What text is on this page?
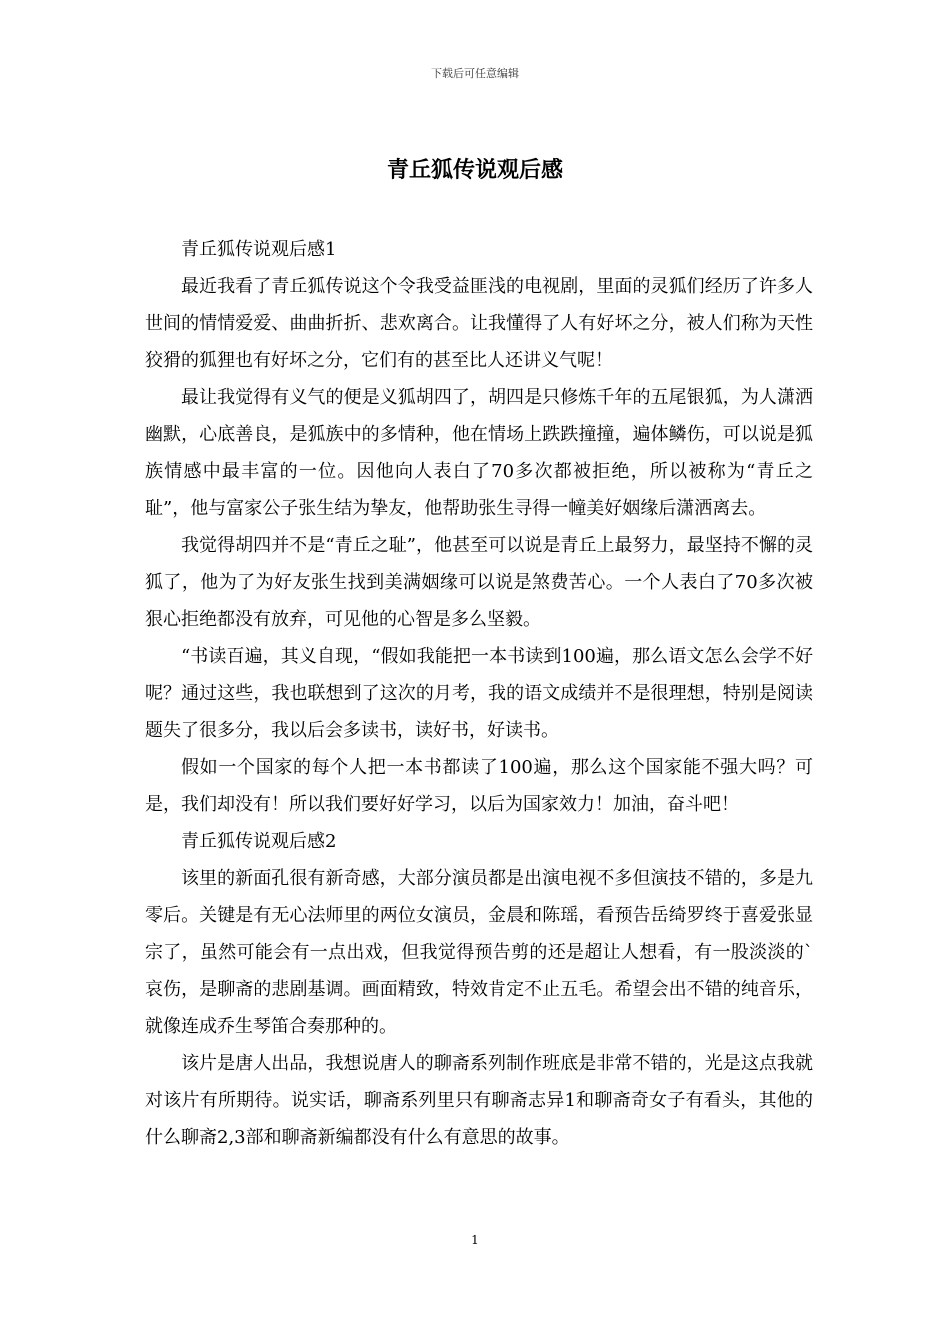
下载后可任意编辑
青丘狐传说观后感

青丘狐传说观后感1

最近我看了青丘狐传说这个令我受益匪浅的电视剧，里面的灵狐们经历了许多人世间的情情爱爱、曲曲折折、悲欢离合。让我懂得了人有好坏之分，被人们称为天性狡猾的狐狸也有好坏之分，它们有的甚至比人还讲义气呢！

最让我觉得有义气的便是义狐胡四了，胡四是只修炼千年的五尾银狐，为人潇洒幽默，心底善良，是狐族中的多情种，他在情场上跌跌撞撞，遍体鳞伤，可以说是狐族情感中最丰富的一位。因他向人表白了70多次都被拒绝，所以被称为“青丘之耻”，他与富家公子张生结为挚友，他帮助张生寻得一幢美好姻缘后潇洒离去。

我觉得胡四并不是“青丘之耻”，他甚至可以说是青丘上最努力，最坚持不懈的灵狐了，他为了为好友张生找到美满姻缘可以说是煞费苦心。一个人表白了70多次被狠心拒绝都没有放弃，可见他的心智是多么坚毅。

“书读百遍，其义自现，“假如我能把一本书读到100遍，那么语文怎么会学不好呢？通过这些，我也联想到了这次的月考，我的语文成绩并不是很理想，特别是阅读题失了很多分，我以后会多读书，读好书，好读书。

假如一个国家的每个人把一本书都读了100遍，那么这个国家能不强大吗？可是，我们却没有！所以我们要好好学习，以后为国家效力！加油，奋斗吧！

青丘狐传说观后感2

该里的新面孔很有新奇感，大部分演员都是出演电视不多但演技不错的，多是九零后。关键是有无心法师里的两位女演员，金晨和陈瑶，看预告岳绮罗终于喜爱张显宗了，虽然可能会有一点出戏，但我觉得预告剪的还是超让人想看，有一股淡淡的`哀伤，是聊斋的悲剧基调。画面精致，特效肯定不止五毛。希望会出不错的纯音乐，就像连成乔生琴笛合奏那种的。

该片是唐人出品，我想说唐人的聊斋系列制作班底是非常不错的，光是这点我就对该片有所期待。说实话，聊斋系列里只有聊斋志异1和聊斋奇女子有看头，其他的什么聊斋2,3部和聊斋新编都没有什么有意思的故事。

1
